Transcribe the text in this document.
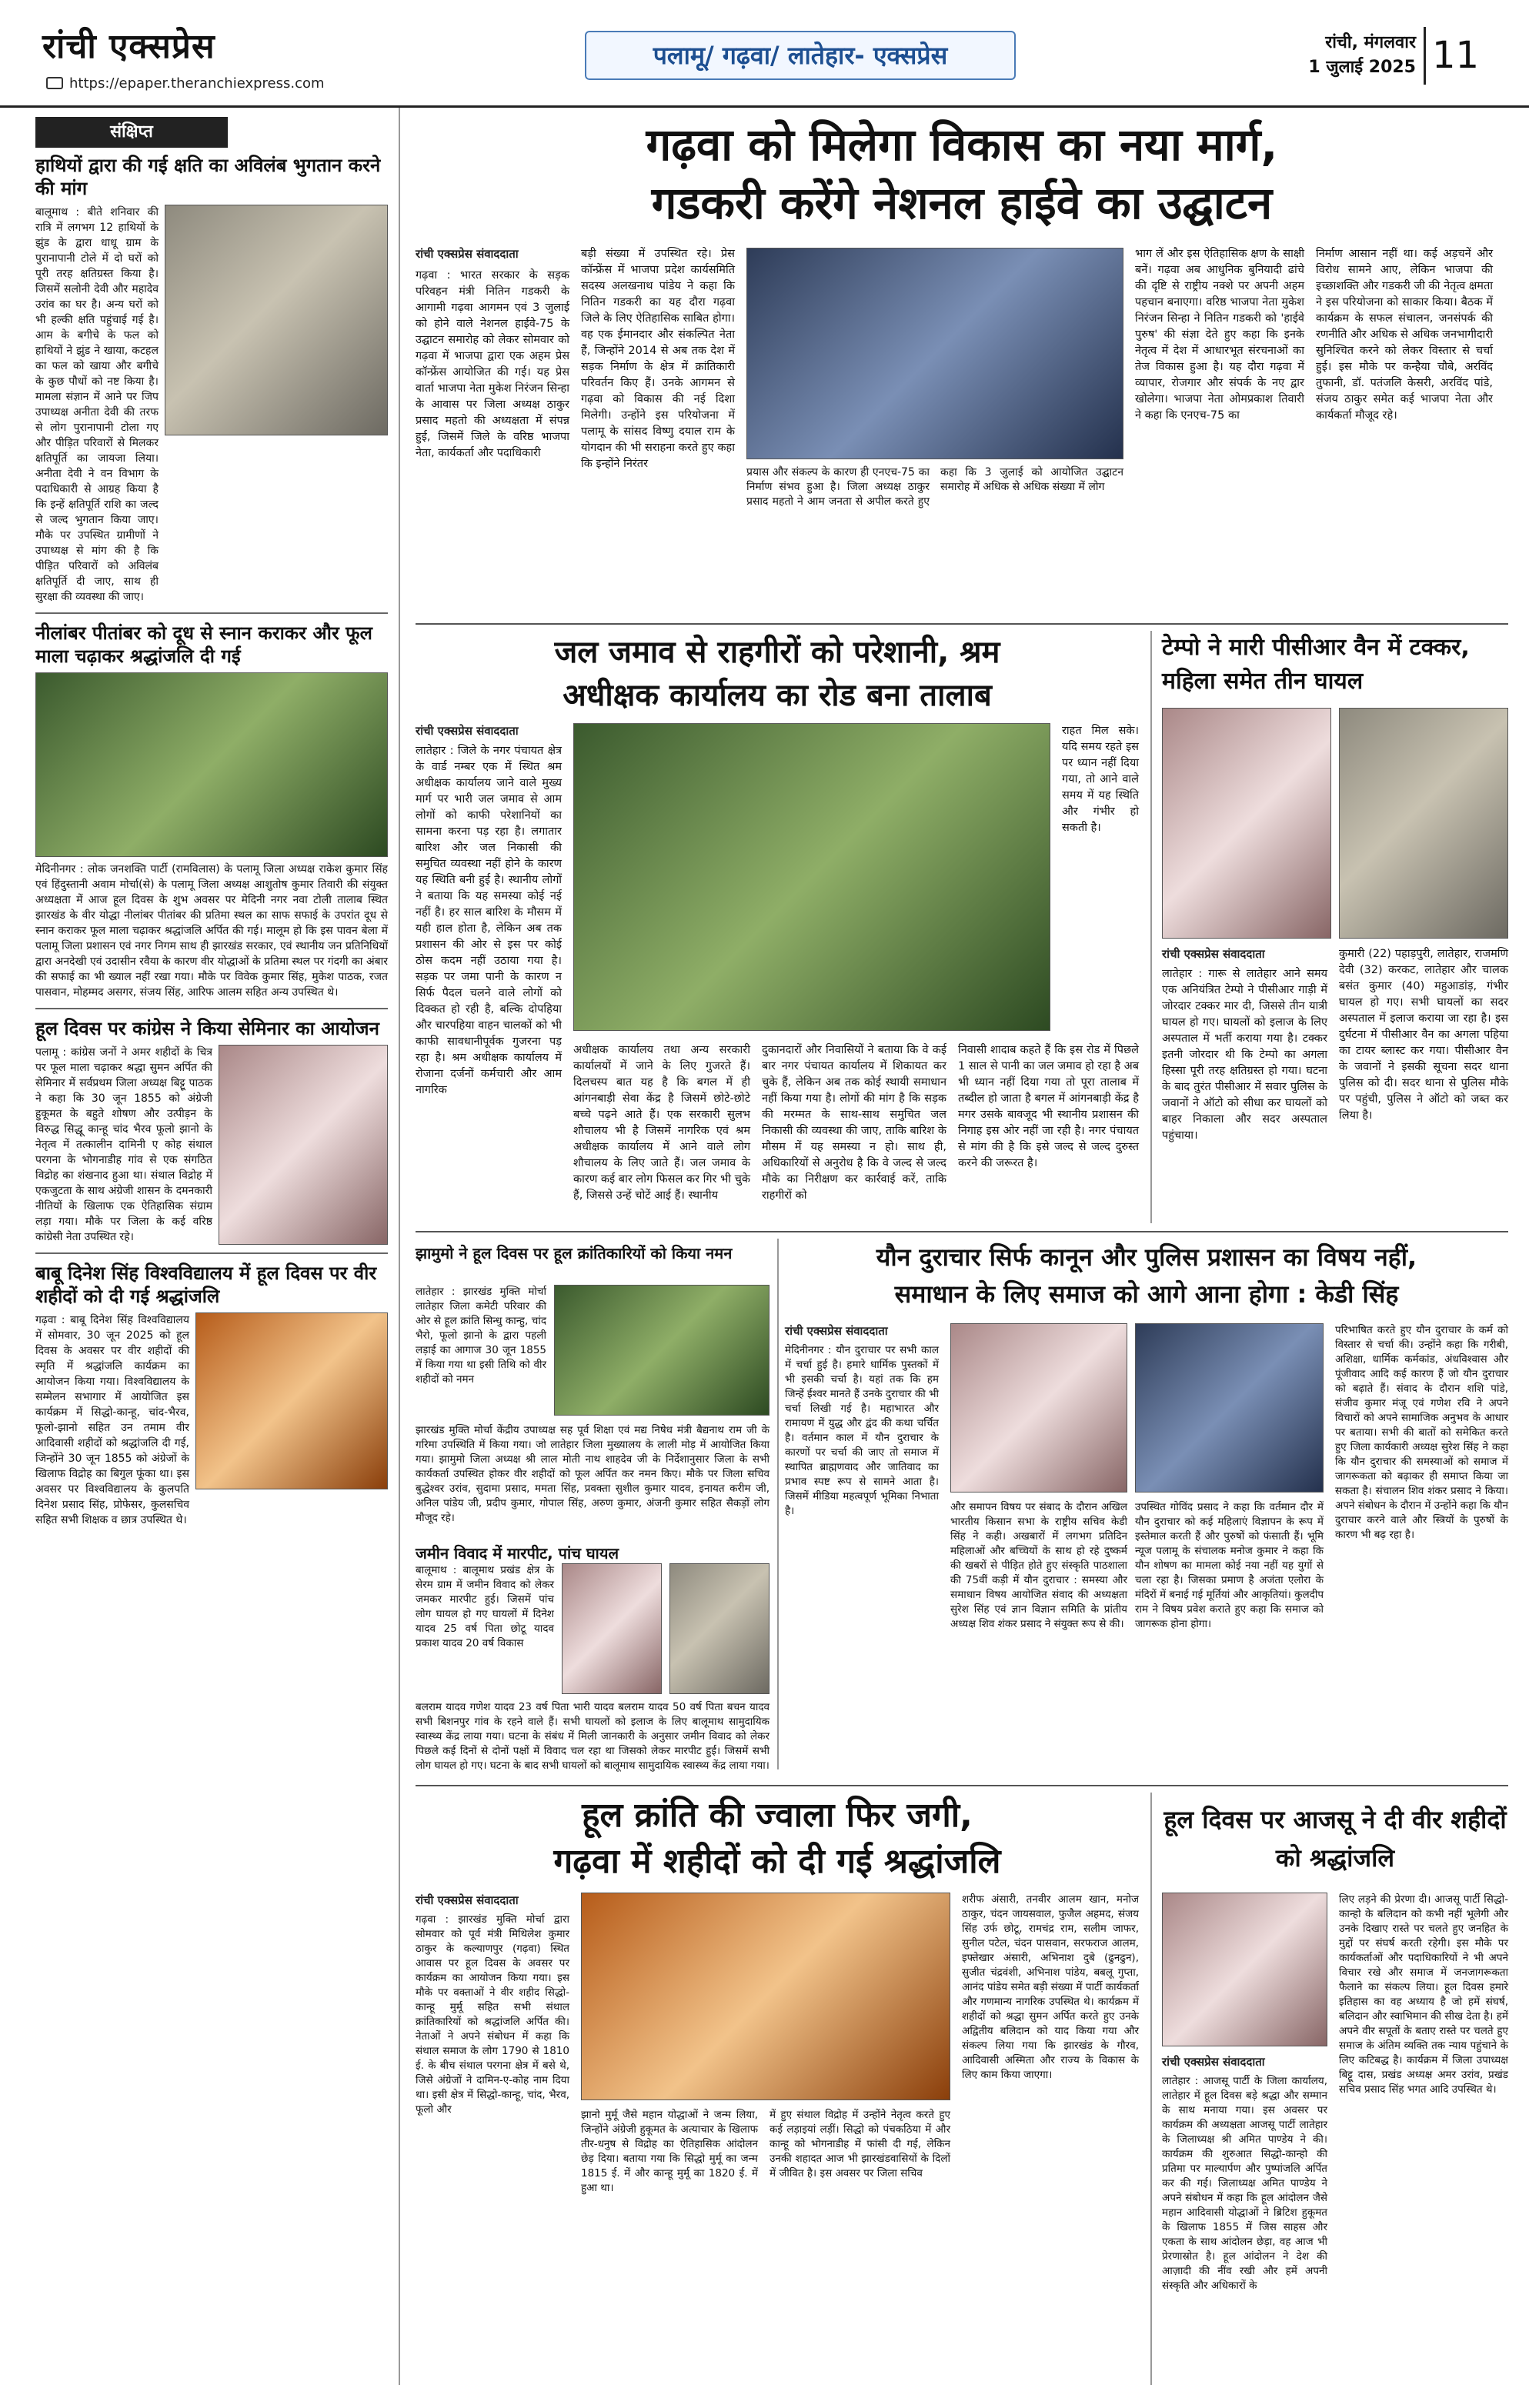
रांची एक्सप्रेस
https://epaper.theranchiexpress.com
पलामू/ गढ़वा/ लातेहार- एक्सप्रेस	रांची, मंगलवार
1 जुलाई 2025 11
संक्षिप्त
हाथियों द्वारा की गई क्षति का अविलंब भुगतान करने की मांग
बालूमाथ : बीते शनिवार की रात्रि में लगभग 12 हाथियों के झुंड के द्वारा धाधू ग्राम के पुरानापानी टोले में दो घरों को पूरी तरह क्षतिग्रस्त किया है। जिसमें सलोनी देवी और महादेव उरांव का घर है। अन्य घरों को भी हल्की क्षति पहुंचाई गई है। आम के बगीचे के फल को हाथियों ने झुंड ने खाया, कटहल का फल को खाया और बगीचे के कुछ पौधों को नष्ट किया है। मामला संज्ञान में आने पर जिप उपाध्यक्ष अनीता देवी की तरफ से लोग पुरानापानी टोला गए और पीड़ित परिवारों से मिलकर क्षतिपूर्ति का जायजा लिया। अनीता देवी ने वन विभाग के पदाधिकारी से आग्रह किया है कि इन्हें क्षतिपूर्ति राशि का जल्द से जल्द भुगतान किया जाए। मौके पर उपस्थित ग्रामीणों ने उपाध्यक्ष से मांग की है कि पीड़ित परिवारों को अविलंब क्षतिपूर्ति दी जाए, साथ ही सुरक्षा की व्यवस्था की जाए।
नीलांबर पीतांबर को दूध से स्नान कराकर और फूल माला चढ़ाकर श्रद्धांजलि दी गई
मेदिनीनगर : लोक जनशक्ति पार्टी (रामविलास) के पलामू जिला अध्यक्ष राकेश कुमार सिंह एवं हिंदुस्तानी अवाम मोर्चा(से) के पलामू जिला अध्यक्ष आशुतोष कुमार तिवारी की संयुक्त अध्यक्षता में आज हूल दिवस के शुभ अवसर पर मेदिनी नगर नवा टोली तालाब स्थित झारखंड के वीर योद्धा नीलांबर पीतांबर की प्रतिमा स्थल का साफ सफाई के उपरांत दूध से स्नान कराकर फूल माला चढ़ाकर श्रद्धांजलि अर्पित की गई। मालूम हो कि इस पावन बेला में पलामू जिला प्रशासन एवं नगर निगम साथ ही झारखंड सरकार, एवं स्थानीय जन प्रतिनिधियों द्वारा अनदेखी एवं उदासीन रवैया के कारण वीर योद्धाओं के प्रतिमा स्थल पर गंदगी का अंबार की सफाई का भी ख्याल नहीं रखा गया। मौके पर विवेक कुमार सिंह, मुकेश पाठक, रजत पासवान, मोहम्मद असगर, संजय सिंह, आरिफ आलम सहित अन्य उपस्थित थे।
हूल दिवस पर कांग्रेस ने किया सेमिनार का आयोजन
पलामू : कांग्रेस जनों ने अमर शहीदों के चित्र पर फूल माला चढ़ाकर श्रद्धा सुमन अर्पित की सेमिनार में सर्वप्रथम जिला अध्यक्ष बिट्टू पाठक ने कहा कि 30 जून 1855 को अंग्रेजी हुकूमत के बहुते शोषण और उत्पीड़न के विरुद्ध सिद्धू कान्हू चांद भैरव फूलो झानो के नेतृत्व में तत्कालीन दामिनी ए कोह संथाल परगना के भोगनाडीह गांव से एक संगठित विद्रोह का शंखनाद हुआ था। संथाल विद्रोह में एकजुटता के साथ अंग्रेजी शासन के दमनकारी नीतियों के खिलाफ एक ऐतिहासिक संग्राम लड़ा गया। मौके पर जिला के कई वरिष्ठ कांग्रेसी नेता उपस्थित रहे।
बाबू दिनेश सिंह विश्वविद्यालय में हूल दिवस पर वीर शहीदों को दी गई श्रद्धांजलि
गढ़वा : बाबू दिनेश सिंह विश्वविद्यालय में सोमवार, 30 जून 2025 को हूल दिवस के अवसर पर वीर शहीदों की स्मृति में श्रद्धांजलि कार्यक्रम का आयोजन किया गया। विश्वविद्यालय के सम्मेलन सभागार में आयोजित इस कार्यक्रम में सिद्धो-कान्हू, चांद-भैरव, फूलो-झानो सहित उन तमाम वीर आदिवासी शहीदों को श्रद्धांजलि दी गई, जिन्होंने 30 जून 1855 को अंग्रेजों के खिलाफ विद्रोह का बिगुल फूंका था। इस अवसर पर विश्वविद्यालय के कुलपति दिनेश प्रसाद सिंह, प्रोफेसर, कुलसचिव सहित सभी शिक्षक व छात्र उपस्थित थे।
गढ़वा को मिलेगा विकास का नया मार्ग,
गडकरी करेंगे नेशनल हाईवे का उद्घाटन
रांची एक्सप्रेस संवाददाता
गढ़वा : भारत सरकार के सड़क परिवहन मंत्री नितिन गडकरी के आगामी गढ़वा आगमन एवं 3 जुलाई को होने वाले नेशनल हाईवे-75 के उद्घाटन समारोह को लेकर सोमवार को गढ़वा में भाजपा द्वारा एक अहम प्रेस कॉन्फ्रेंस आयोजित की गई। यह प्रेस वार्ता भाजपा नेता मुकेश निरंजन सिन्हा के आवास पर जिला अध्यक्ष ठाकुर प्रसाद महतो की अध्यक्षता में संपन्न हुई, जिसमें जिले के वरिष्ठ भाजपा नेता, कार्यकर्ता और पदाधिकारी
बड़ी संख्या में उपस्थित रहे। प्रेस कॉन्फ्रेंस में भाजपा प्रदेश कार्यसमिति सदस्य अलखनाथ पांडेय ने कहा कि नितिन गडकरी का यह दौरा गढ़वा जिले के लिए ऐतिहासिक साबित होगा। वह एक ईमानदार और संकल्पित नेता हैं, जिन्होंने 2014 से अब तक देश में सड़क निर्माण के क्षेत्र में क्रांतिकारी परिवर्तन किए हैं। उनके आगमन से गढ़वा को विकास की नई दिशा मिलेगी। उन्होंने इस परियोजना में पलामू के सांसद विष्णु दयाल राम के योगदान की भी सराहना करते हुए कहा कि इन्होंने निरंतर
प्रयास और संकल्प के कारण ही एनएच-75 का निर्माण संभव हुआ है। जिला अध्यक्ष ठाकुर प्रसाद महतो ने आम जनता से अपील करते हुए कहा कि 3 जुलाई को आयोजित उद्घाटन समारोह में अधिक से अधिक संख्या में लोग
भाग लें और इस ऐतिहासिक क्षण के साक्षी बनें। गढ़वा अब आधुनिक बुनियादी ढांचे की दृष्टि से राष्ट्रीय नक्शे पर अपनी अहम पहचान बनाएगा। वरिष्ठ भाजपा नेता मुकेश निरंजन सिन्हा ने नितिन गडकरी को 'हाईवे पुरुष' की संज्ञा देते हुए कहा कि इनके नेतृत्व में देश में आधारभूत संरचनाओं का तेज विकास हुआ है। यह दौरा गढ़वा में व्यापार, रोजगार और संपर्क के नए द्वार खोलेगा। भाजपा नेता ओमप्रकाश तिवारी ने कहा कि एनएच-75 का
निर्माण आसान नहीं था। कई अड़चनें और विरोध सामने आए, लेकिन भाजपा की इच्छाशक्ति और गडकरी जी की नेतृत्व क्षमता ने इस परियोजना को साकार किया। बैठक में कार्यक्रम के सफल संचालन, जनसंपर्क की रणनीति और अधिक से अधिक जनभागीदारी सुनिश्चित करने को लेकर विस्तार से चर्चा हुई। इस मौके पर कन्हैया चौबे, अरविंद तुफानी, डॉ. पतंजलि केसरी, अरविंद पांडे, संजय ठाकुर समेत कई भाजपा नेता और कार्यकर्ता मौजूद रहे।
जल जमाव से राहगीरों को परेशानी, श्रम
अधीक्षक कार्यालय का रोड बना तालाब
रांची एक्सप्रेस संवाददाता
लातेहार : जिले के नगर पंचायत क्षेत्र के वार्ड नम्बर एक में स्थित श्रम अधीक्षक कार्यालय जाने वाले मुख्य मार्ग पर भारी जल जमाव से आम लोगों को काफी परेशानियों का सामना करना पड़ रहा है। लगातार बारिश और जल निकासी की समुचित व्यवस्था नहीं होने के कारण यह स्थिति बनी हुई है। स्थानीय लोगों ने बताया कि यह समस्या कोई नई नहीं है। हर साल बारिश के मौसम में यही हाल होता है, लेकिन अब तक प्रशासन की ओर से इस पर कोई ठोस कदम नहीं उठाया गया है। सड़क पर जमा पानी के कारण न सिर्फ पैदल चलने वाले लोगों को दिक्कत हो रही है, बल्कि दोपहिया और चारपहिया वाहन चालकों को भी काफी सावधानीपूर्वक गुजरना पड़ रहा है। श्रम अधीक्षक कार्यालय में रोजाना दर्जनों कर्मचारी और आम नागरिक
राहत मिल सके। यदि समय रहते इस पर ध्यान नहीं दिया गया, तो आने वाले समय में यह स्थिति और गंभीर हो सकती है।
अधीक्षक कार्यालय तथा अन्य सरकारी कार्यालयों में जाने के लिए गुजरते हैं। दिलचस्प बात यह है कि बगल में ही आंगनबाड़ी सेवा केंद्र है जिसमें छोटे-छोटे बच्चे पढ़ने आते हैं। एक सरकारी सुलभ शौचालय भी है जिसमें नागरिक एवं श्रम अधीक्षक कार्यालय में आने वाले लोग शौचालय के लिए जाते हैं। जल जमाव के कारण कई बार लोग फिसल कर गिर भी चुके हैं, जिससे उन्हें चोटें आई हैं। स्थानीय
दुकानदारों और निवासियों ने बताया कि वे कई बार नगर पंचायत कार्यालय में शिकायत कर चुके हैं, लेकिन अब तक कोई स्थायी समाधान नहीं किया गया है। लोगों की मांग है कि सड़क की मरम्मत के साथ-साथ समुचित जल निकासी की व्यवस्था की जाए, ताकि बारिश के मौसम में यह समस्या न हो। साथ ही, अधिकारियों से अनुरोध है कि वे जल्द से जल्द मौके का निरीक्षण कर कार्रवाई करें, ताकि राहगीरों को
निवासी शादाब कहते हैं कि इस रोड में पिछले 1 साल से पानी का जल जमाव हो रहा है अब भी ध्यान नहीं दिया गया तो पूरा तालाब में तब्दील हो जाता है बगल में आंगनबाड़ी केंद्र है मगर उसके बावजूद भी स्थानीय प्रशासन की निगाह इस ओर नहीं जा रही है। नगर पंचायत से मांग की है कि इसे जल्द से जल्द दुरुस्त करने की जरूरत है।
टेम्पो ने मारी पीसीआर वैन में टक्कर, महिला समेत तीन घायल
रांची एक्सप्रेस संवाददाता
लातेहार : गारू से लातेहार आने समय एक अनियंत्रित टेम्पो ने पीसीआर गाड़ी में जोरदार टक्कर मार दी, जिससे तीन यात्री घायल हो गए। घायलों को इलाज के लिए अस्पताल में भर्ती कराया गया है। टक्कर इतनी जोरदार थी कि टेम्पो का अगला हिस्सा पूरी तरह क्षतिग्रस्त हो गया। घटना के बाद तुरंत पीसीआर में सवार पुलिस के जवानों ने ऑटो को सीधा कर घायलों को बाहर निकाला और सदर अस्पताल पहुंचाया।
कुमारी (22) पहाड़पुरी, लातेहार, राजमणि देवी (32) करकट, लातेहार और चालक बसंत कुमार (40) महुआडांड़, गंभीर घायल हो गए। सभी घायलों का सदर अस्पताल में इलाज कराया जा रहा है। इस दुर्घटना में पीसीआर वैन का अगला पहिया का टायर ब्लास्ट कर गया। पीसीआर वैन के जवानों ने इसकी सूचना सदर थाना पुलिस को दी। सदर थाना से पुलिस मौके पर पहुंची, पुलिस ने ऑटो को जब्त कर लिया है।
झामुमो ने हूल दिवस पर हूल क्रांतिकारियों को किया नमन
लातेहार : झारखंड मुक्ति मोर्चा लातेहार जिला कमेटी परिवार की ओर से हूल क्रांति सिन्धु कान्हु, चांद भैरो, फूलो झानो के द्वारा पहली लड़ाई का आगाज 30 जून 1855 में किया गया था इसी तिथि को वीर शहीदों को नमन
झारखंड मुक्ति मोर्चा केंद्रीय उपाध्यक्ष सह पूर्व शिक्षा एवं मद्य निषेध मंत्री बैद्यनाथ राम जी के गरिमा उपस्थिति में किया गया। जो लातेहार जिला मुख्यालय के लाली मोड़ में आयोजित किया गया। झामुमो जिला अध्यक्ष श्री लाल मोती नाथ शाहदेव जी के निर्देशानुसार जिला के सभी कार्यकर्ता उपस्थित होकर वीर शहीदों को फूल अर्पित कर नमन किए। मौके पर जिला सचिव बुद्धेश्वर उरांव, सुदामा प्रसाद, ममता सिंह, प्रवक्ता सुशील कुमार यादव, इनायत करीम जी, अनिल पांडेय जी, प्रदीप कुमार, गोपाल सिंह, अरुण कुमार, अंजनी कुमार सहित सैकड़ों लोग मौजूद रहे।
जमीन विवाद में मारपीट, पांच घायल
बालूमाथ : बालूमाथ प्रखंड क्षेत्र के सेरम ग्राम में जमीन विवाद को लेकर जमकर मारपीट हुई। जिसमें पांच लोग घायल हो गए घायलों में दिनेश यादव 25 वर्ष पिता छोटू यादव प्रकाश यादव 20 वर्ष विकास
बलराम यादव गणेश यादव 23 वर्ष पिता भारी यादव बलराम यादव 50 वर्ष पिता बचन यादव सभी बिशनपुर गांव के रहने वाले हैं। सभी घायलों को इलाज के लिए बालूमाथ सामुदायिक स्वास्थ्य केंद्र लाया गया। घटना के संबंध में मिली जानकारी के अनुसार जमीन विवाद को लेकर पिछले कई दिनों से दोनों पक्षों में विवाद चल रहा था जिसको लेकर मारपीट हुई। जिसमें सभी लोग घायल हो गए। घटना के बाद सभी घायलों को बालूमाथ सामुदायिक स्वास्थ्य केंद्र लाया गया।
यौन दुराचार सिर्फ कानून और पुलिस प्रशासन का विषय नहीं,
समाधान के लिए समाज को आगे आना होगा : केडी सिंह
रांची एक्सप्रेस संवाददाता
मेदिनीनगर : यौन दुराचार पर सभी काल में चर्चा हुई है। हमारे धार्मिक पुस्तकों में भी इसकी चर्चा है। यहां तक कि हम जिन्हें ईश्वर मानते हैं उनके दुराचार की भी चर्चा लिखी गई है। महाभारत और रामायण में युद्ध और द्वंद की कथा चर्चित है। वर्तमान काल में यौन दुराचार के कारणों पर चर्चा की जाए तो समाज में स्थापित ब्राह्मणवाद और जातिवाद का प्रभाव स्पष्ट रूप से सामने आता है। जिसमें मीडिया महत्वपूर्ण भूमिका निभाता है।	और समापन विषय पर संबाद के दौरान अखिल भारतीय किसान सभा के राष्ट्रीय सचिव केडी सिंह ने कही। अखबारों में लगभग प्रतिदिन महिलाओं और बच्चियों के साथ हो रहे दुष्कर्म की खबरों से पीड़ित होते हुए संस्कृति पाठशाला की 75वीं कड़ी में यौन दुराचार : समस्या और समाधान विषय आयोजित संवाद की अध्यक्षता सुरेश सिंह एवं ज्ञान विज्ञान समिति के प्रांतीय अध्यक्ष शिव शंकर प्रसाद ने संयुक्त रूप से की।
उपस्थित गोविंद प्रसाद ने कहा कि वर्तमान दौर में यौन दुराचार को कई महिलाएं विज्ञापन के रूप में इस्तेमाल करती हैं और पुरुषों को फंसाती हैं। भूमि न्यूज पलामू के संचालक मनोज कुमार ने कहा कि यौन शोषण का मामला कोई नया नहीं यह युगों से चला रहा है। जिसका प्रमाण है अजंता एलोरा के मंदिरों में बनाई गई मूर्तियां और आकृतियां। कुलदीप राम ने विषय प्रवेश कराते हुए कहा कि समाज को जागरूक होना होगा।
परिभाषित करते हुए यौन दुराचार के कर्म को विस्तार से चर्चा की। उन्होंने कहा कि गरीबी, अशिक्षा, धार्मिक कर्मकांड, अंधविश्वास और पूंजीवाद आदि कई कारण हैं जो यौन दुराचार को बढ़ाते हैं। संवाद के दौरान शशि पांडे, संजीव कुमार मंजू एवं गणेश रवि ने अपने विचारों को अपने सामाजिक अनुभव के आधार पर बताया। सभी की बातों को समेकित करते हुए जिला कार्यकारी अध्यक्ष सुरेश सिंह ने कहा कि यौन दुराचार की समस्याओं को समाज में जागरूकता को बढ़ाकर ही समाप्त किया जा सकता है। संचालन शिव शंकर प्रसाद ने किया। अपने संबोधन के दौरान में उन्होंने कहा कि यौन दुराचार करने वाले और स्त्रियों के पुरुषों के कारण भी बढ़ रहा है।
हूल क्रांति की ज्वाला फिर जगी,
गढ़वा में शहीदों को दी गई श्रद्धांजलि
रांची एक्सप्रेस संवाददाता
गढ़वा : झारखंड मुक्ति मोर्चा द्वारा सोमवार को पूर्व मंत्री मिथिलेश कुमार ठाकुर के कल्याणपुर (गढ़वा) स्थित आवास पर हूल दिवस के अवसर पर कार्यक्रम का आयोजन किया गया। इस मौके पर वक्ताओं ने वीर शहीद सिद्धो-कान्हू मुर्मू सहित सभी संथाल क्रांतिकारियों को श्रद्धांजलि अर्पित की। नेताओं ने अपने संबोधन में कहा कि संथाल समाज के लोग 1790 से 1810 ई. के बीच संथाल परगना क्षेत्र में बसे थे, जिसे अंग्रेजों ने दामिन-ए-कोह नाम दिया था। इसी क्षेत्र में सिद्धो-कान्हू, चांद, भैरव, फूलो और	झानो मुर्मू जैसे महान योद्धाओं ने जन्म लिया, जिन्होंने अंग्रेजी हुकूमत के अत्याचार के खिलाफ तीर-धनुष से विद्रोह का ऐतिहासिक आंदोलन छेड़ दिया। बताया गया कि सिद्धो मुर्मू का जन्म 1815 ई. में और कान्हू मुर्मू का 1820 ई. में हुआ था।
में हुए संथाल विद्रोह में उन्होंने नेतृत्व करते हुए कई लड़ाइयां लड़ीं। सिद्धो को पंचकठिया में और कान्हू को भोगनाडीह में फांसी दी गई, लेकिन उनकी शहादत आज भी झारखंडवासियों के दिलों में जीवित है। इस अवसर पर जिला सचिव
शरीफ अंसारी, तनवीर आलम खान, मनोज ठाकुर, चंदन जायसवाल, फुजैल अहमद, संजय सिंह उर्फ छोटू, रामचंद्र राम, सलीम जाफर, सुनील पटेल, चंदन पासवान, सरफराज आलम, इफ्तेखार अंसारी, अभिनाश दुबे (ढुनढुन), सुजीत चंद्रवंशी, अभिनाश पांडेय, बबलू गुप्ता, आनंद पांडेय समेत बड़ी संख्या में पार्टी कार्यकर्ता और गणमान्य नागरिक उपस्थित थे। कार्यक्रम में शहीदों को श्रद्धा सुमन अर्पित करते हुए उनके अद्वितीय बलिदान को याद किया गया और संकल्प लिया गया कि झारखंड के गौरव, आदिवासी अस्मिता और राज्य के विकास के लिए काम किया जाएगा।
हूल दिवस पर आजसू ने दी वीर शहीदों को श्रद्धांजलि
रांची एक्सप्रेस संवाददाता
लातेहार : आजसू पार्टी के जिला कार्यालय, लातेहार में हूल दिवस बड़े श्रद्धा और सम्मान के साथ मनाया गया। इस अवसर पर कार्यक्रम की अध्यक्षता आजसू पार्टी लातेहार के जिलाध्यक्ष श्री अमित पाण्डेय ने की। कार्यक्रम की शुरुआत सिद्धो-कान्हो की प्रतिमा पर माल्यार्पण और पुष्पांजलि अर्पित कर की गई। जिलाध्यक्ष अमित पाण्डेय ने अपने संबोधन में कहा कि हूल आंदोलन जैसे महान आदिवासी योद्धाओं ने ब्रिटिश हुकूमत के खिलाफ 1855 में जिस साहस और एकता के साथ आंदोलन छेड़ा, वह आज भी प्रेरणास्रोत है। हूल आंदोलन ने देश की आज़ादी की नींव रखी और हमें अपनी संस्कृति और अधिकारों के
लिए लड़ने की प्रेरणा दी। आजसू पार्टी सिद्धो-कान्हो के बलिदान को कभी नहीं भूलेगी और उनके दिखाए रास्ते पर चलते हुए जनहित के मुद्दों पर संघर्ष करती रहेगी। इस मौके पर कार्यकर्ताओं और पदाधिकारियों ने भी अपने विचार रखे और समाज में जनजागरूकता फैलाने का संकल्प लिया। हूल दिवस हमारे इतिहास का वह अध्याय है जो हमें संघर्ष, बलिदान और स्वाभिमान की सीख देता है। हमें अपने वीर सपूतों के बताए रास्ते पर चलते हुए समाज के अंतिम व्यक्ति तक न्याय पहुंचाने के लिए कटिबद्ध है। कार्यक्रम में जिला उपाध्यक्ष बिट्टू दास, प्रखंड अध्यक्ष अमर उरांव, प्रखंड सचिव प्रसाद सिंह भगत आदि उपस्थित थे।
